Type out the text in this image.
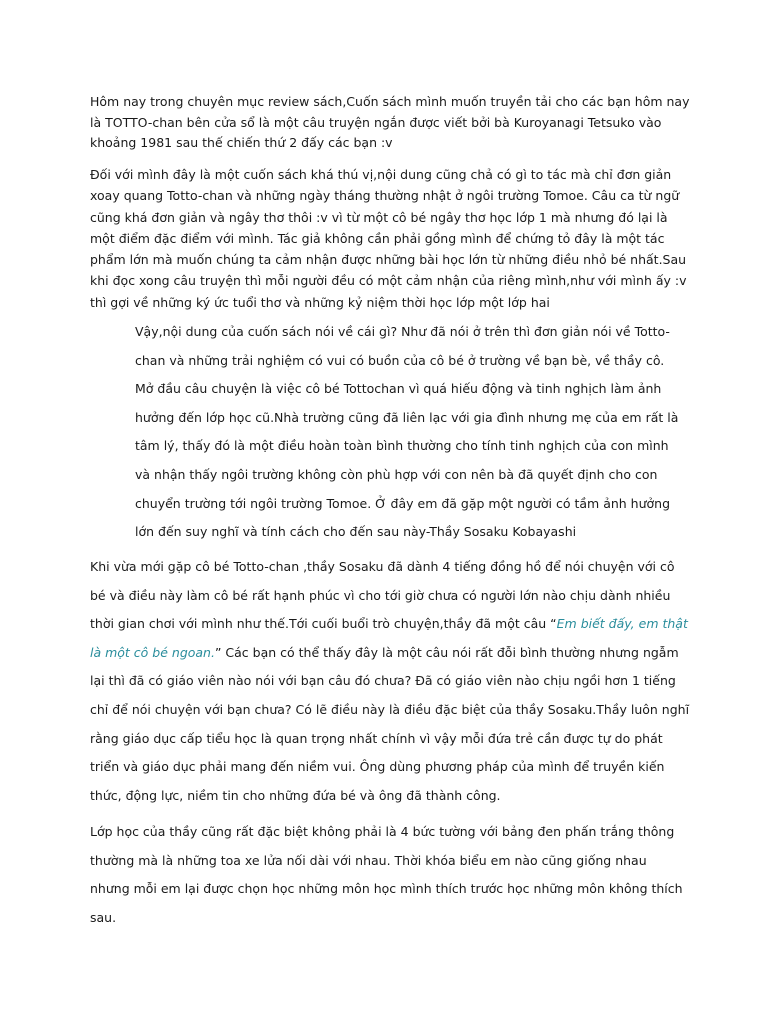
Hôm nay trong chuyên mục review sách,Cuốn sách mình muốn truyền tải cho các bạn hôm nay là TOTTO-chan bên cửa sổ là một câu truyện ngắn được viết bởi bà Kuroyanagi Tetsuko vào khoảng 1981 sau thế chiến thứ 2 đấy các bạn :v

Đối với mình đây là một cuốn sách khá thú vị,nội dung cũng chả có gì to tác mà chỉ đơn giản xoay quang Totto-chan và những ngày tháng thường nhật ở ngôi trường Tomoe. Câu ca từ ngữ cũng khá đơn giản và ngây thơ thôi :v vì từ một cô bé ngây thơ học lớp 1 mà nhưng đó lại là một điểm đặc điểm với mình. Tác giả không cần phải gồng mình để chứng tỏ đây là một tác phẩm lớn mà muốn chúng ta cảm nhận được những bài học lớn từ những điều nhỏ bé nhất.Sau khi đọc xong câu truyện thì mỗi người đều có một cảm nhận của riêng mình,như với mình ấy :v thì gợi về những ký ức tuổi thơ và những kỷ niệm thời học lớp một lớp hai

Vậy,nội dung của cuốn sách nói về cái gì? Như đã nói ở trên thì đơn giản nói về Totto-chan và những trải nghiệm có vui có buồn của cô bé ở trường về bạn bè, về thầy cô. Mở đầu câu chuyện là việc cô bé Tottochan vì quá hiếu động và tinh nghịch làm ảnh hưởng đến lớp học cũ.Nhà trường cũng đã liên lạc với gia đình nhưng mẹ của em rất là tâm lý, thấy đó là một điều hoàn toàn bình thường cho tính tinh nghịch của con mình và nhận thấy ngôi trường không còn phù hợp với con nên bà đã quyết định cho con chuyển trường tới ngôi trường Tomoe. Ở đây em đã gặp một người có tầm ảnh hưởng lớn đến suy nghĩ và tính cách cho đến sau này-Thầy Sosaku Kobayashi

Khi vừa mới gặp cô bé Totto-chan ,thầy Sosaku đã dành 4 tiếng đồng hồ để nói chuyện với cô bé và điều này làm cô bé rất hạnh phúc vì cho tới giờ chưa có người lớn nào chịu dành nhiều thời gian chơi với mình như thế.Tới cuối buổi trò chuyện,thầy đã một câu “Em biết đấy, em thật là một cô bé ngoan.” Các bạn có thể thấy đây là một câu nói rất đỗi bình thường nhưng ngẫm lại thì đã có giáo viên nào nói với bạn câu đó chưa? Đã có giáo viên nào chịu ngồi hơn 1 tiếng chỉ để nói chuyện với bạn chưa? Có lẽ điều này là điều đặc biệt của thầy Sosaku.Thầy luôn nghĩ rằng giáo dục cấp tiểu học là quan trọng nhất chính vì vậy mỗi đứa trẻ cần được tự do phát triển và giáo dục phải mang đến niềm vui. Ông dùng phương pháp của mình để truyền kiến thức, động lực, niềm tin cho những đứa bé và ông đã thành công.

Lớp học của thầy cũng rất đặc biệt không phải là 4 bức tường với bảng đen phấn trắng thông thường mà là những toa xe lửa nối dài với nhau. Thời khóa biểu em nào cũng giống nhau nhưng mỗi em lại được chọn học những môn học mình thích trước học những môn không thích sau.
